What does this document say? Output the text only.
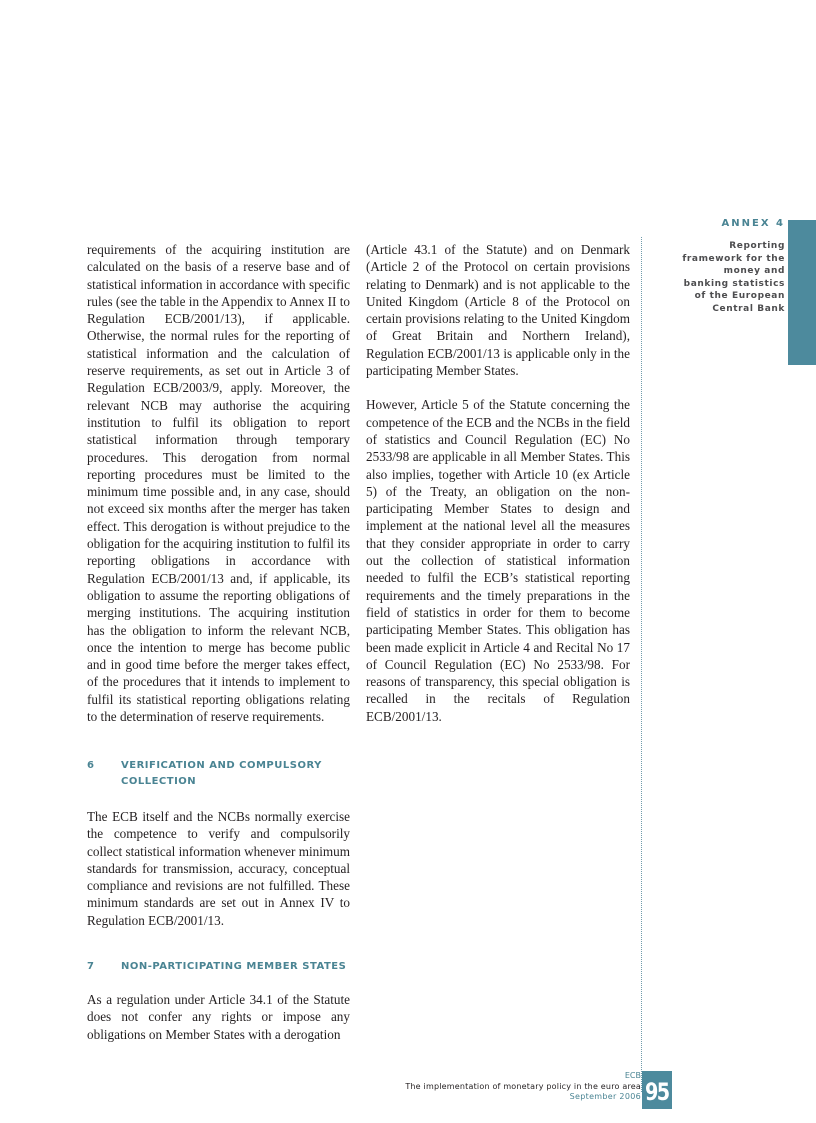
ANNEX 4
Reporting framework for the money and banking statistics of the European Central Bank

requirements of the acquiring institution are calculated on the basis of a reserve base and of statistical information in accordance with specific rules (see the table in the Appendix to Annex II to Regulation ECB/2001/13), if applicable. Otherwise, the normal rules for the reporting of statistical information and the calculation of reserve requirements, as set out in Article 3 of Regulation ECB/2003/9, apply. Moreover, the relevant NCB may authorise the acquiring institution to fulfil its obligation to report statistical information through temporary procedures. This derogation from normal reporting procedures must be limited to the minimum time possible and, in any case, should not exceed six months after the merger has taken effect. This derogation is without prejudice to the obligation for the acquiring institution to fulfil its reporting obligations in accordance with Regulation ECB/2001/13 and, if applicable, its obligation to assume the reporting obligations of merging institutions. The acquiring institution has the obligation to inform the relevant NCB, once the intention to merge has become public and in good time before the merger takes effect, of the procedures that it intends to implement to fulfil its statistical reporting obligations relating to the determination of reserve requirements.

6	VERIFICATION AND COMPULSORY COLLECTION

The ECB itself and the NCBs normally exercise the competence to verify and compulsorily collect statistical information whenever minimum standards for transmission, accuracy, conceptual compliance and revisions are not fulfilled. These minimum standards are set out in Annex IV to Regulation ECB/2001/13.

7	NON-PARTICIPATING MEMBER STATES

As a regulation under Article 34.1 of the Statute does not confer any rights or impose any obligations on Member States with a derogation

(Article 43.1 of the Statute) and on Denmark (Article 2 of the Protocol on certain provisions relating to Denmark) and is not applicable to the United Kingdom (Article 8 of the Protocol on certain provisions relating to the United Kingdom of Great Britain and Northern Ireland), Regulation ECB/2001/13 is applicable only in the participating Member States.

However, Article 5 of the Statute concerning the competence of the ECB and the NCBs in the field of statistics and Council Regulation (EC) No 2533/98 are applicable in all Member States. This also implies, together with Article 10 (ex Article 5) of the Treaty, an obligation on the non-participating Member States to design and implement at the national level all the measures that they consider appropriate in order to carry out the collection of statistical information needed to fulfil the ECB’s statistical reporting requirements and the timely preparations in the field of statistics in order for them to become participating Member States. This obligation has been made explicit in Article 4 and Recital No 17 of Council Regulation (EC) No 2533/98. For reasons of transparency, this special obligation is recalled in the recitals of Regulation ECB/2001/13.

ECB
The implementation of monetary policy in the euro area
September 2006 95
